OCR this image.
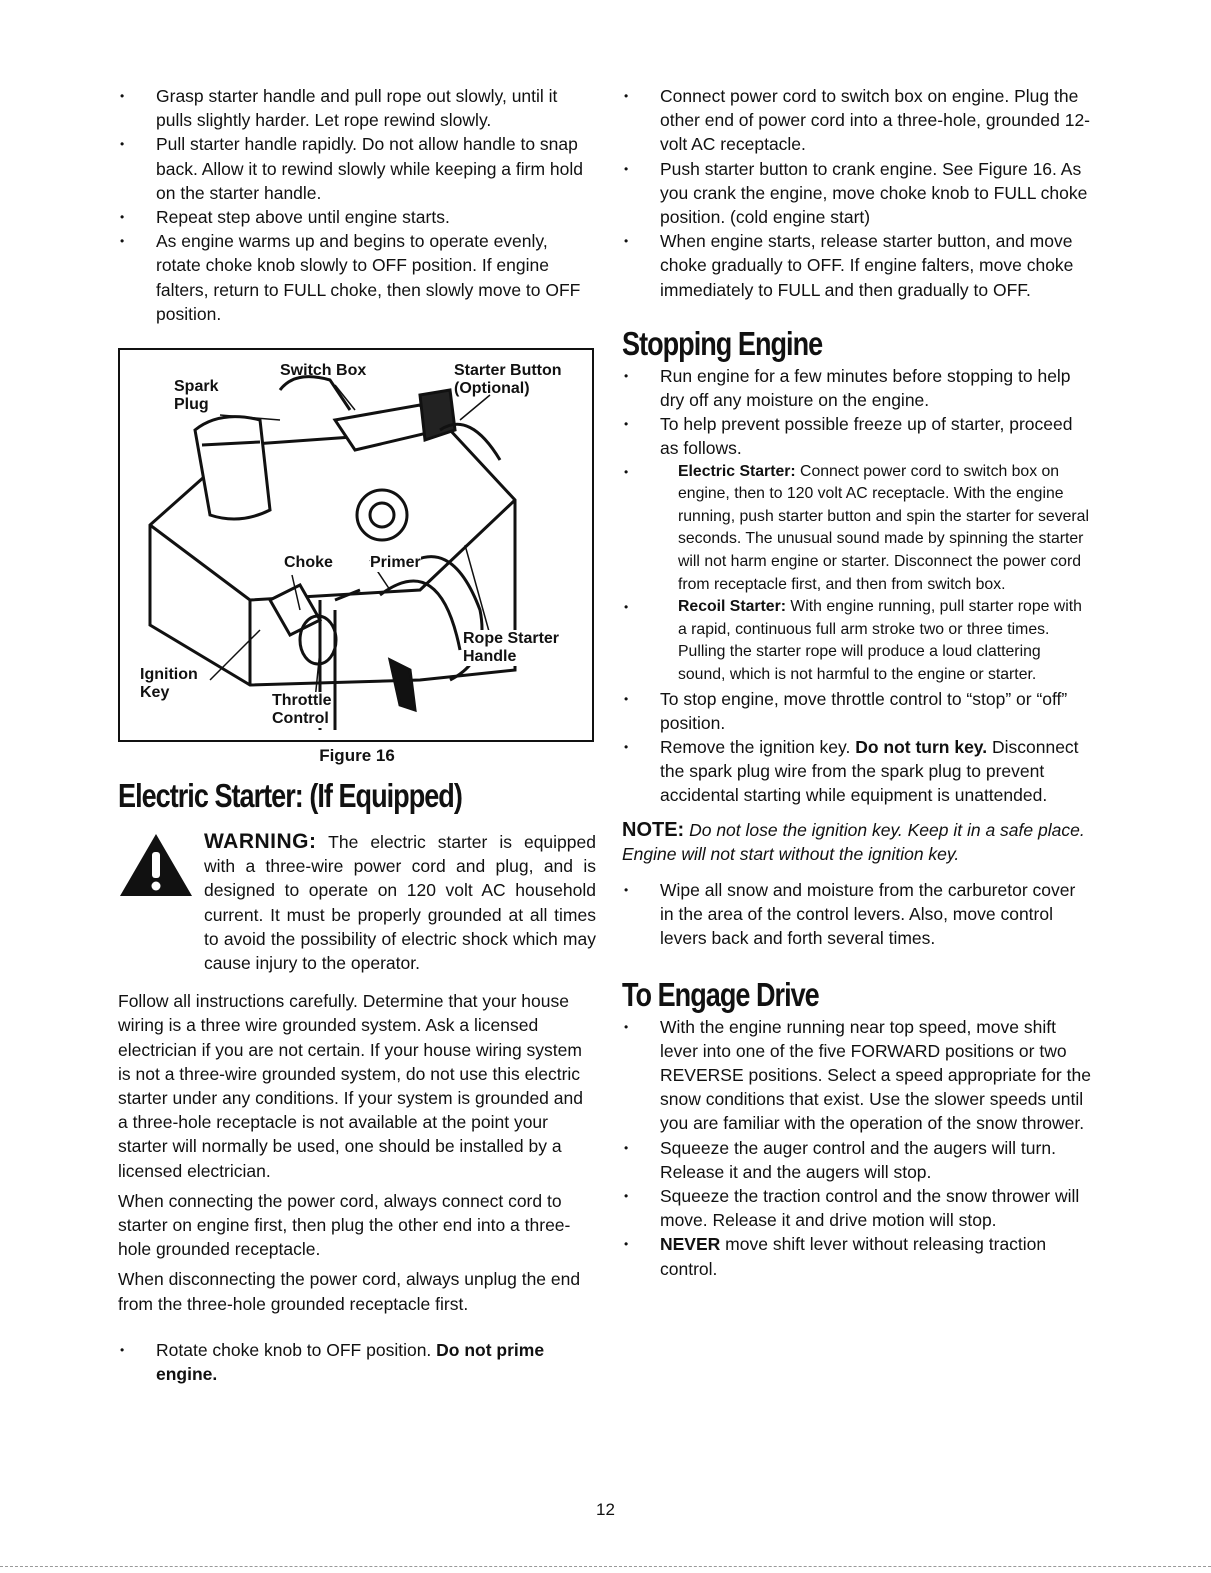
• Grasp starter handle and pull rope out slowly, until it pulls slightly harder. Let rope rewind slowly.
• Pull starter handle rapidly. Do not allow handle to snap back. Allow it to rewind slowly while keeping a firm hold on the starter handle.
• Repeat step above until engine starts.
• As engine warms up and begins to operate evenly, rotate choke knob slowly to OFF position. If engine falters, return to FULL choke, then slowly move to OFF position.
Spark
Plug
Switch Box	Starter Button
(Optional)
Choke Primer
Rope Starter
Handle
Ignition
Key	Throttle
Control
Figure 16
Electric Starter: (If Equipped)
WARNING: The electric starter is equipped with a three-wire power cord and plug, and is designed to operate on 120 volt AC household current. It must be properly grounded at all times to avoid the possibility of electric shock which may cause injury to the operator.

Follow all instructions carefully. Determine that your house wiring is a three wire grounded system. Ask a licensed electrician if you are not certain. If your house wiring system is not a three-wire grounded system, do not use this electric starter under any conditions. If your system is grounded and a three-hole receptacle is not available at the point your starter will normally be used, one should be installed by a licensed electrician.

When connecting the power cord, always connect cord to starter on engine first, then plug the other end into a three-hole grounded receptacle.

When disconnecting the power cord, always unplug the end from the three-hole grounded receptacle first.

• Rotate choke knob to OFF position. Do not prime engine.
• Connect power cord to switch box on engine. Plug the other end of power cord into a three-hole, grounded 12-volt AC receptacle.
• Push starter button to crank engine. See Figure 16. As you crank the engine, move choke knob to FULL choke position. (cold engine start)
• When engine starts, release starter button, and move choke gradually to OFF. If engine falters, move choke immediately to FULL and then gradually to OFF.
Stopping Engine
• Run engine for a few minutes before stopping to help dry off any moisture on the engine.
• To help prevent possible freeze up of starter, proceed as follows.
• Electric Starter: Connect power cord to switch box on engine, then to 120 volt AC receptacle. With the engine running, push starter button and spin the starter for several seconds. The unusual sound made by spinning the starter will not harm engine or starter. Disconnect the power cord from receptacle first, and then from switch box.
• Recoil Starter: With engine running, pull starter rope with a rapid, continuous full arm stroke two or three times. Pulling the starter rope will produce a loud clattering sound, which is not harmful to the engine or starter.
• To stop engine, move throttle control to “stop” or “off” position.
• Remove the ignition key. Do not turn key. Disconnect the spark plug wire from the spark plug to prevent accidental starting while equipment is unattended.
NOTE: Do not lose the ignition key. Keep it in a safe place. Engine will not start without the ignition key.
• Wipe all snow and moisture from the carburetor cover in the area of the control levers. Also, move control levers back and forth several times.
To Engage Drive
• With the engine running near top speed, move shift lever into one of the five FORWARD positions or two REVERSE positions. Select a speed appropriate for the snow conditions that exist. Use the slower speeds until you are familiar with the operation of the snow thrower.
• Squeeze the auger control and the augers will turn. Release it and the augers will stop.
• Squeeze the traction control and the snow thrower will move. Release it and drive motion will stop.
• NEVER move shift lever without releasing traction control.
12
